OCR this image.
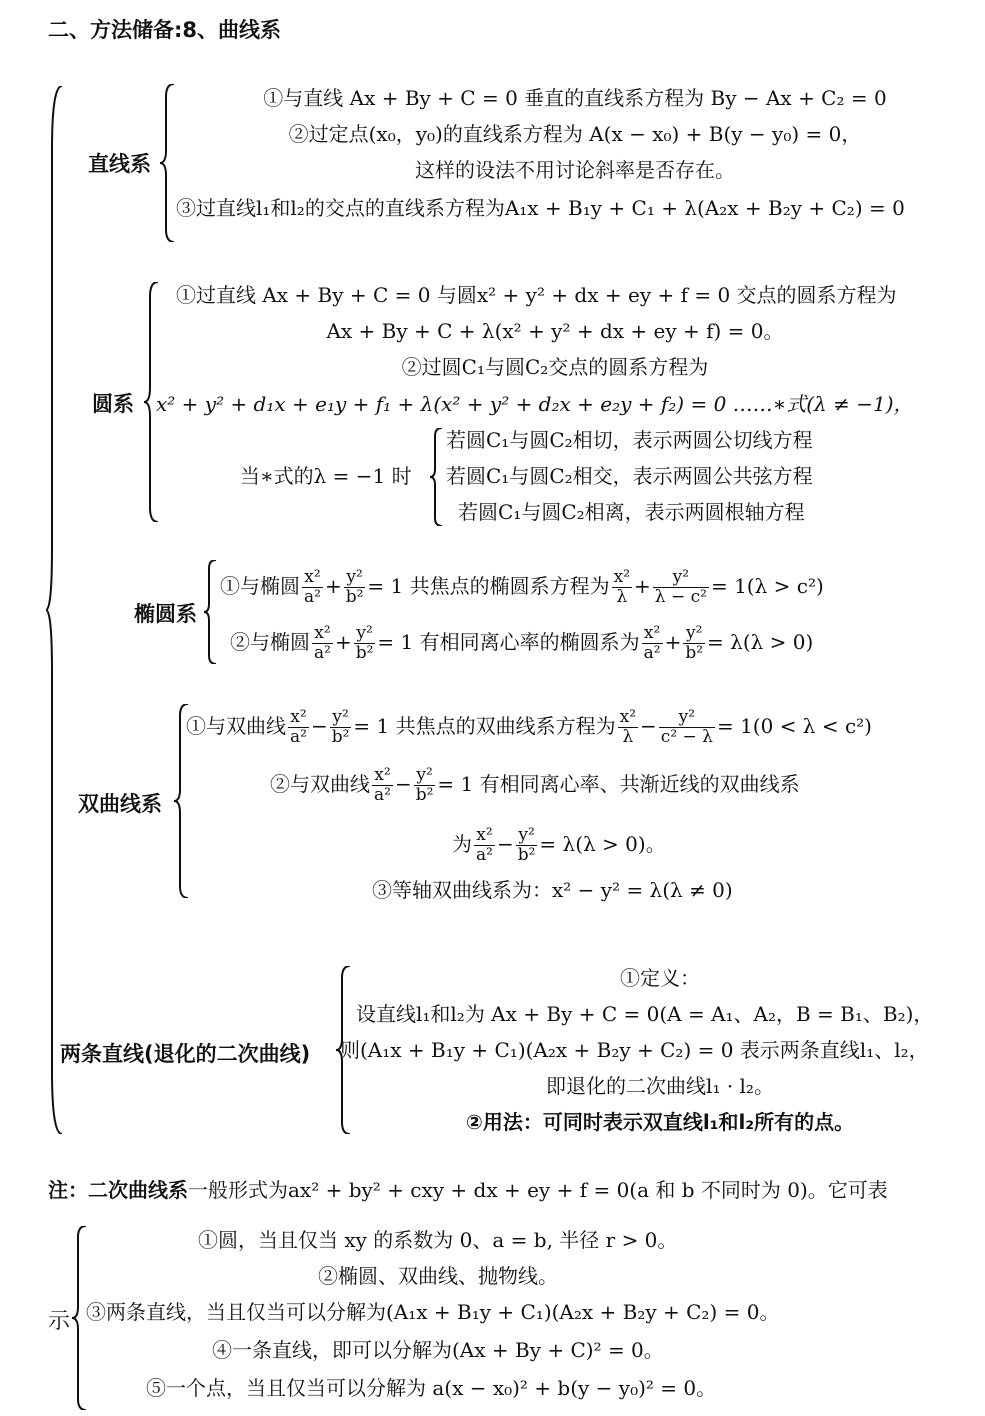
二、方法储备:8、曲线系
直线系
①与直线 Ax + By + C = 0 垂直的直线系方程为 By − Ax + C₂ = 0
②过定点(x₀，y₀)的直线系方程为 A(x − x₀) + B(y − y₀) = 0，
这样的设法不用讨论斜率是否存在。
③过直线l₁和l₂的交点的直线系方程为A₁x + B₁y + C₁ + λ(A₂x + B₂y + C₂) = 0
圆系
①过直线 Ax + By + C = 0 与圆x² + y² + dx + ey + f = 0 交点的圆系方程为
Ax + By + C + λ(x² + y² + dx + ey + f) = 0。
②过圆C₁与圆C₂交点的圆系方程为
x² + y² + d₁x + e₁y + f₁ + λ(x² + y² + d₂x + e₂y + f₂) = 0 ……∗式(λ ≠ −1)，
当∗式的λ = −1 时
若圆C₁与圆C₂相切，表示两圆公切线方程
若圆C₁与圆C₂相交，表示两圆公共弦方程
若圆C₁与圆C₂相离，表示两圆根轴方程
椭圆系
①与椭圆 $\frac{\text{x²}}{\text{a²}} + \frac{\text{y²}}{\text{b²}} = 1$ 共焦点的椭圆系方程为 $\frac{\text{x²}}{\lambda} + \frac{\text{y²}}{\text{λ − c²}} = 1(\lambda > c^2)$
②与椭圆 $\frac{\text{x²}}{\text{a²}} + \frac{\text{y²}}{\text{b²}} = 1$ 有相同离心率的椭圆系为 $\frac{\text{x²}}{\text{a²}} + \frac{\text{y²}}{\text{b²}} = \lambda(\lambda > 0)$
双曲线系
①与双曲线 $\frac{\text{x²}}{\text{a²}} - \frac{\text{y²}}{\text{b²}} = 1$ 共焦点的双曲线系方程为 $\frac{\text{x²}}{\lambda} - \frac{\text{y²}}{\text{c² − λ}} = 1(0 < \lambda < c^2)$
②与双曲线 $\frac{\text{x²}}{\text{a²}} - \frac{\text{y²}}{\text{b²}} = 1$ 有相同离心率、共渐近线的双曲线系
为 $\frac{\text{x²}}{\text{a²}} - \frac{\text{y²}}{\text{b²}} = \lambda(\lambda > 0)$。
③等轴双曲线系为：x² − y² = λ(λ ≠ 0)
两条直线(退化的二次曲线)
①定义：
设直线l₁和l₂为 Ax + By + C = 0(A = A₁、A₂，B = B₁、B₂)，
则(A₁x + B₁y + C₁)(A₂x + B₂y + C₂) = 0 表示两条直线l₁、l₂，
即退化的二次曲线l₁ · l₂。
②用法：可同时表示双直线l₁和l₂所有的点。
注：二次曲线系一般形式为ax² + by² + cxy + dx + ey + f = 0(a 和 b 不同时为 0)。它可表
示
①圆，当且仅当 xy 的系数为 0、a = b, 半径 r > 0。
②椭圆、双曲线、抛物线。
③两条直线，当且仅当可以分解为(A₁x + B₁y + C₁)(A₂x + B₂y + C₂) = 0。
④一条直线，即可以分解为(Ax + By + C)² = 0。
⑤一个点，当且仅当可以分解为 a(x − x₀)² + b(y − y₀)² = 0。
